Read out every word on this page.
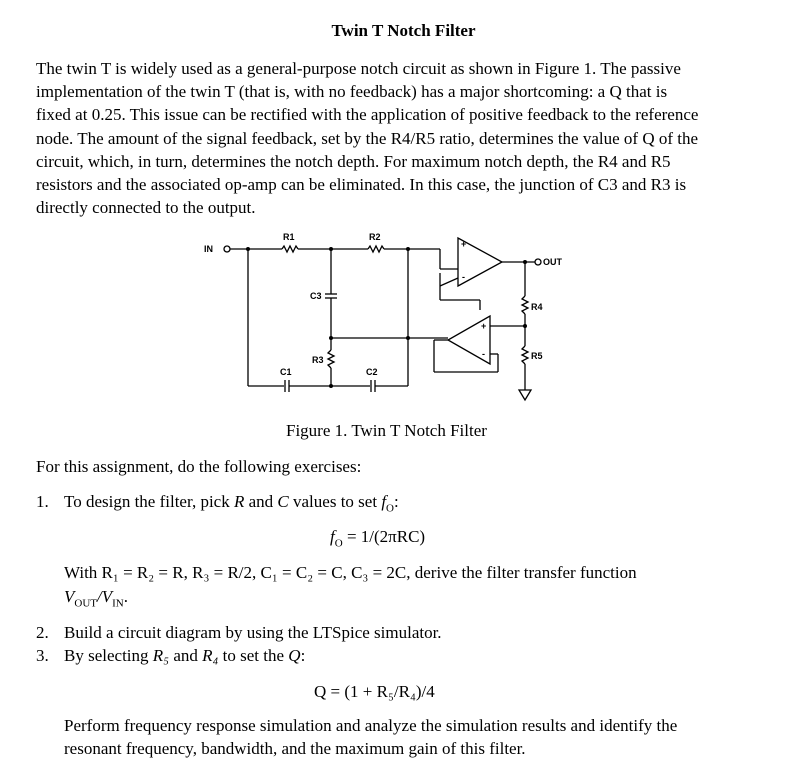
Twin T Notch Filter

The twin T is widely used as a general-purpose notch circuit as shown in Figure 1. The passive
implementation of the twin T (that is, with no feedback) has a major shortcoming: a Q that is
fixed at 0.25. This issue can be rectified with the application of positive feedback to the reference
node. The amount of the signal feedback, set by the R4/R5 ratio, determines the value of Q of the
circuit, which, in turn, determines the notch depth. For maximum notch depth, the R4 and R5
resistors and the associated op-amp can be eliminated. In this case, the junction of C3 and R3 is
directly connected to the output.

IN
OUT
R1	R2
C3
R3
C1	C2
R4
R5
+
-
+
-
Figure 1. Twin T Notch Filter
For this assignment, do the following exercises:
1. To design the filter, pick R and C values to set $f_O$:
$f_O = 1/(2\pi RC)$
With R₁ = R₂ = R, R₃ = R/2, C₁ = C₂ = C, C₃ = 2C, derive the filter transfer function
$V_{OUT}/V_{IN}$.
2. Build a circuit diagram by using the LTSpice simulator.
3. By selecting R₅ and R₄ to set the Q:
Q = (1 + R₅/R₄)/4
Perform frequency response simulation and analyze the simulation results and identify the
resonant frequency, bandwidth, and the maximum gain of this filter.
